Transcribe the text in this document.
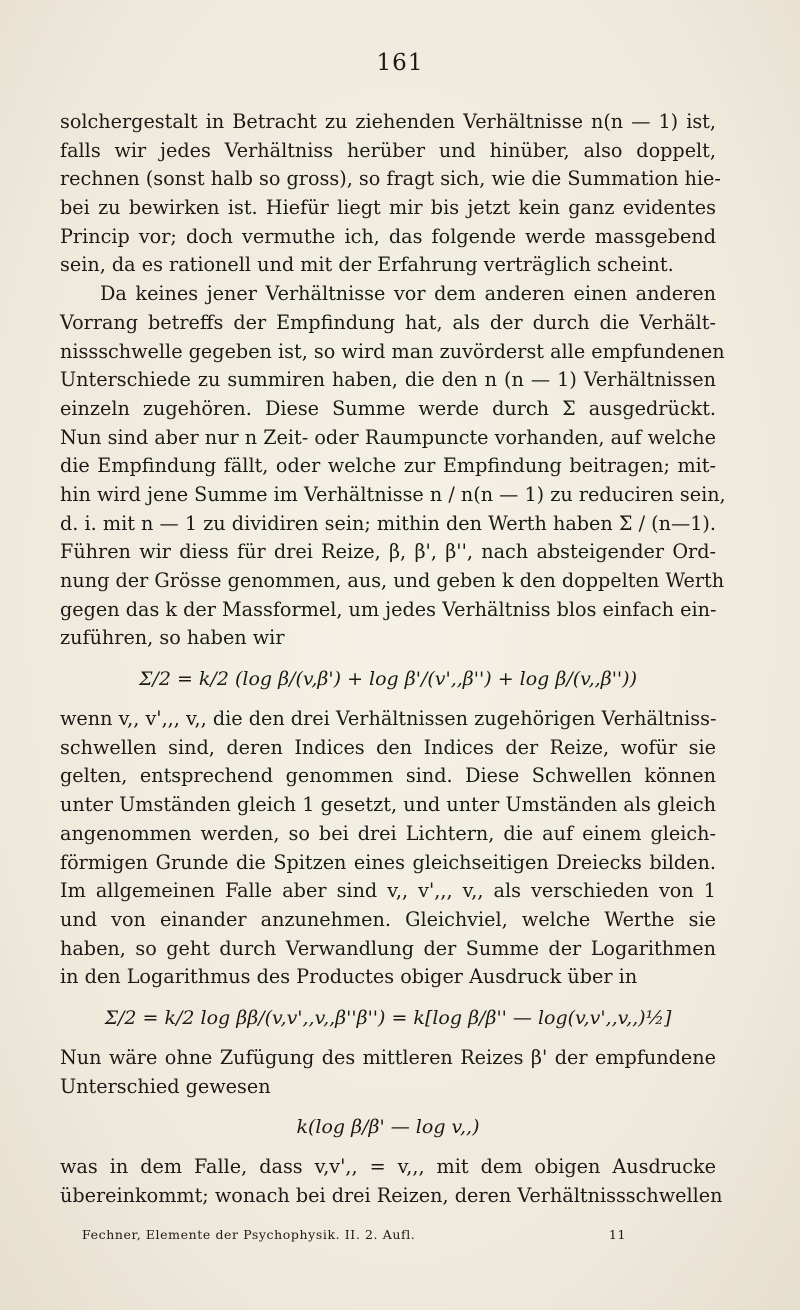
161
solchergestalt in Betracht zu ziehenden Verhältnisse n(n — 1) ist,
falls wir jedes Verhältniss herüber und hinüber, also doppelt,
rechnen (sonst halb so gross), so fragt sich, wie die Summation hie-
bei zu bewirken ist. Hiefür liegt mir bis jetzt kein ganz evidentes
Princip vor; doch vermuthe ich, das folgende werde massgebend
sein, da es rationell und mit der Erfahrung verträglich scheint.
Da keines jener Verhältnisse vor dem anderen einen anderen
Vorrang betreffs der Empfindung hat, als der durch die Verhält-
nissschwelle gegeben ist, so wird man zuvörderst alle empfundenen
Unterschiede zu summiren haben, die den n (n — 1) Verhältnissen
einzeln zugehören. Diese Summe werde durch Σ ausgedrückt.
Nun sind aber nur n Zeit- oder Raumpuncte vorhanden, auf welche
die Empfindung fällt, oder welche zur Empfindung beitragen; mit-
hin wird jene Summe im Verhältnisse n / n(n — 1) zu reduciren sein,
d. i. mit n — 1 zu dividiren sein; mithin den Werth haben Σ / (n—1).
Führen wir diess für drei Reize, β, β', β'', nach absteigender Ord-
nung der Grösse genommen, aus, und geben k den doppelten Werth
gegen das k der Massformel, um jedes Verhältniss blos einfach ein-
zuführen, so haben wir
Σ/2 = k/2 (log β/(v,β') + log β'/(v',,β'') + log β/(v,,β''))
wenn v,, v',,, v,, die den drei Verhältnissen zugehörigen Verhältniss-
schwellen sind, deren Indices den Indices der Reize, wofür sie
gelten, entsprechend genommen sind. Diese Schwellen können
unter Umständen gleich 1 gesetzt, und unter Umständen als gleich
angenommen werden, so bei drei Lichtern, die auf einem gleich-
förmigen Grunde die Spitzen eines gleichseitigen Dreiecks bilden.
Im allgemeinen Falle aber sind v,, v',,, v,, als verschieden von 1
und von einander anzunehmen. Gleichviel, welche Werthe sie
haben, so geht durch Verwandlung der Summe der Logarithmen
in den Logarithmus des Productes obiger Ausdruck über in
Σ/2 = k/2 log ββ/(v,v',,v,,β''β'') = k[log β/β'' — log(v,v',,v,,)½]
Nun wäre ohne Zufügung des mittleren Reizes β' der empfundene
Unterschied gewesen
k(log β/β' — log v,,)
was in dem Falle, dass v,v',, = v,,, mit dem obigen Ausdrucke
übereinkommt; wonach bei drei Reizen, deren Verhältnissschwellen
Fechner, Elemente der Psychophysik. II. 2. Aufl.	11
